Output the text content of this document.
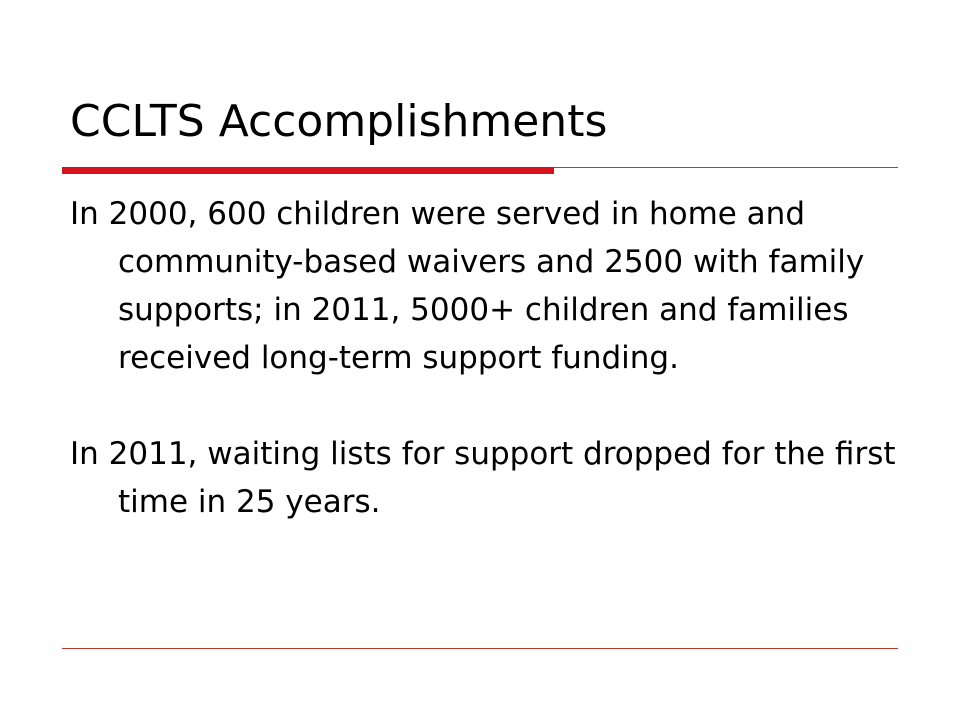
CCLTS Accomplishments

In 2000, 600 children were served in home and community-based waivers and 2500 with family supports; in 2011, 5000+ children and families received long-term support funding.

In 2011, waiting lists for support dropped for the first time in 25 years.
